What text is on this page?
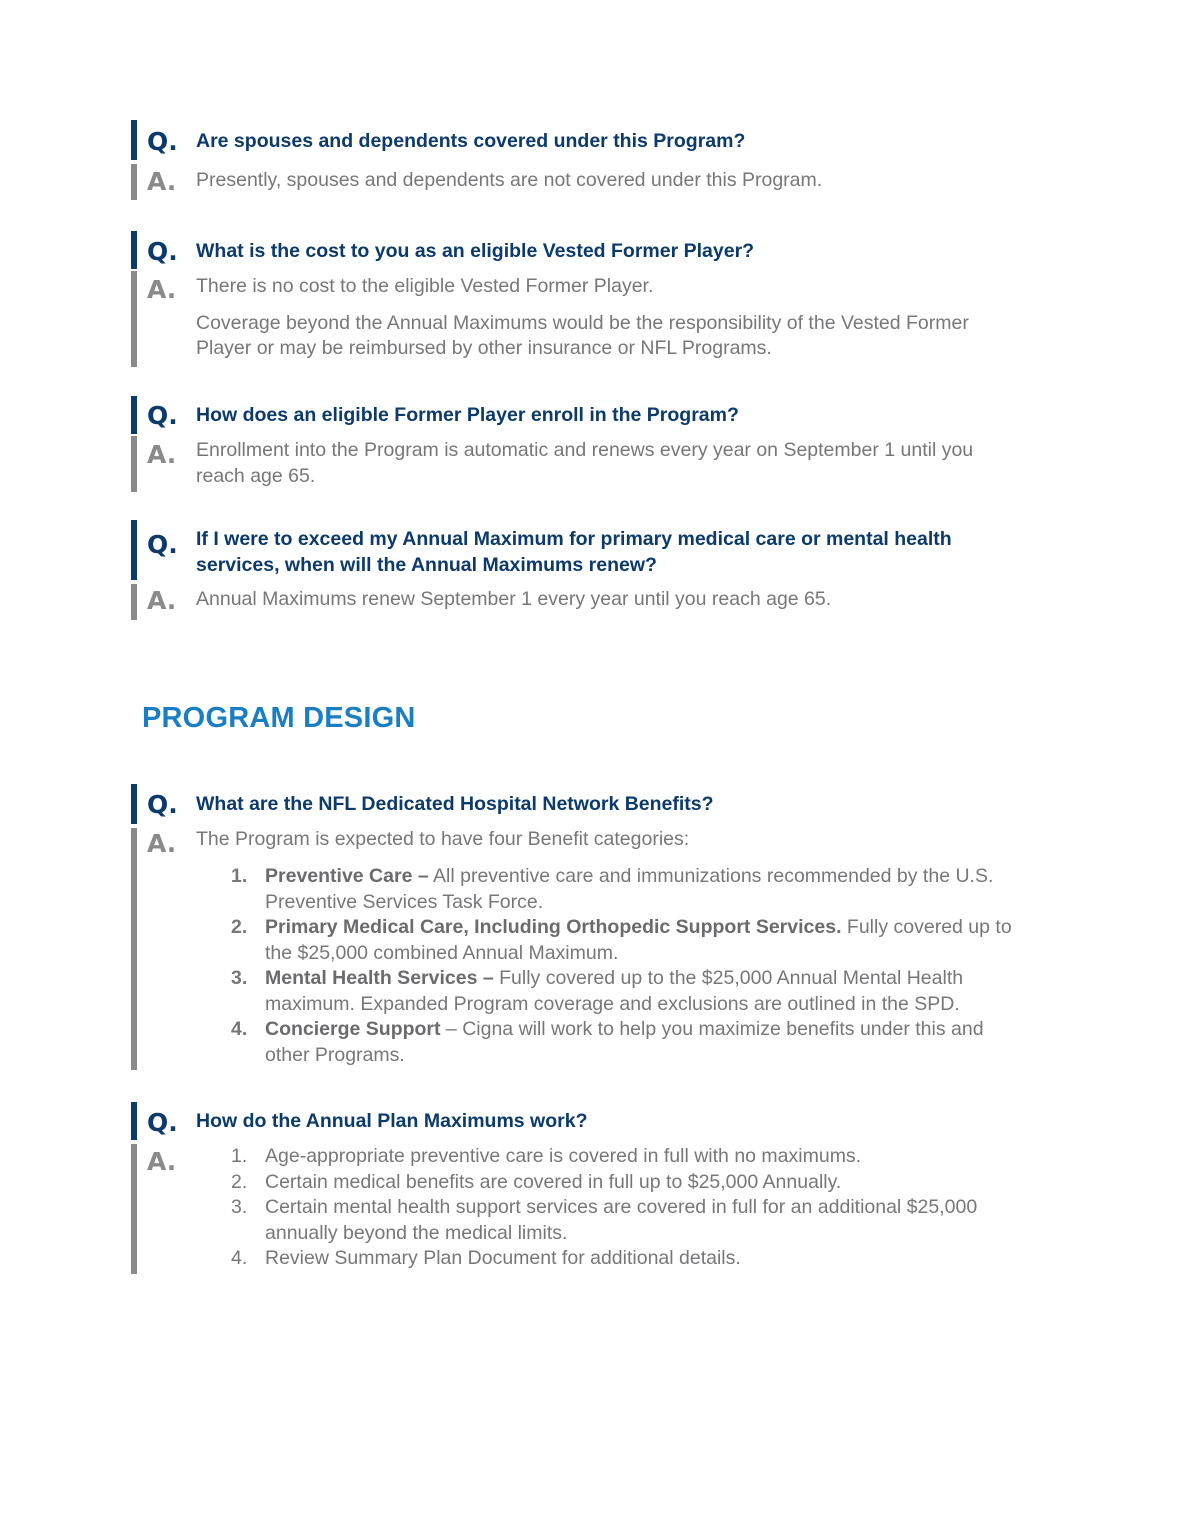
Q.
A.
Are spouses and dependents covered under this Program?

Presently, spouses and dependents are not covered under this Program.

Q.
A.
What is the cost to you as an eligible Vested Former Player?

There is no cost to the eligible Vested Former Player.

Coverage beyond the Annual Maximums would be the responsibility of the Vested Former Player or may be reimbursed by other insurance or NFL Programs.

Q.
A.
How does an eligible Former Player enroll in the Program?

Enrollment into the Program is automatic and renews every year on September 1 until you reach age 65.

Q.
A.
If I were to exceed my Annual Maximum for primary medical care or mental health services, when will the Annual Maximums renew?

Annual Maximums renew September 1 every year until you reach age 65.

PROGRAM DESIGN
Q.
A.
What are the NFL Dedicated Hospital Network Benefits?
The Program is expected to have four Benefit categories:
1. Preventive Care – All preventive care and immunizations recommended by the U.S. Preventive Services Task Force.
2. Primary Medical Care, Including Orthopedic Support Services. Fully covered up to the $25,000 combined Annual Maximum.
3. Mental Health Services – Fully covered up to the $25,000 Annual Mental Health maximum. Expanded Program coverage and exclusions are outlined in the SPD.
4. Concierge Support – Cigna will work to help you maximize benefits under this and other Programs.
Q.
A.
How do the Annual Plan Maximums work?
1. Age-appropriate preventive care is covered in full with no maximums.
2. Certain medical benefits are covered in full up to $25,000 Annually.
3. Certain mental health support services are covered in full for an additional $25,000 annually beyond the medical limits.
4. Review Summary Plan Document for additional details.
